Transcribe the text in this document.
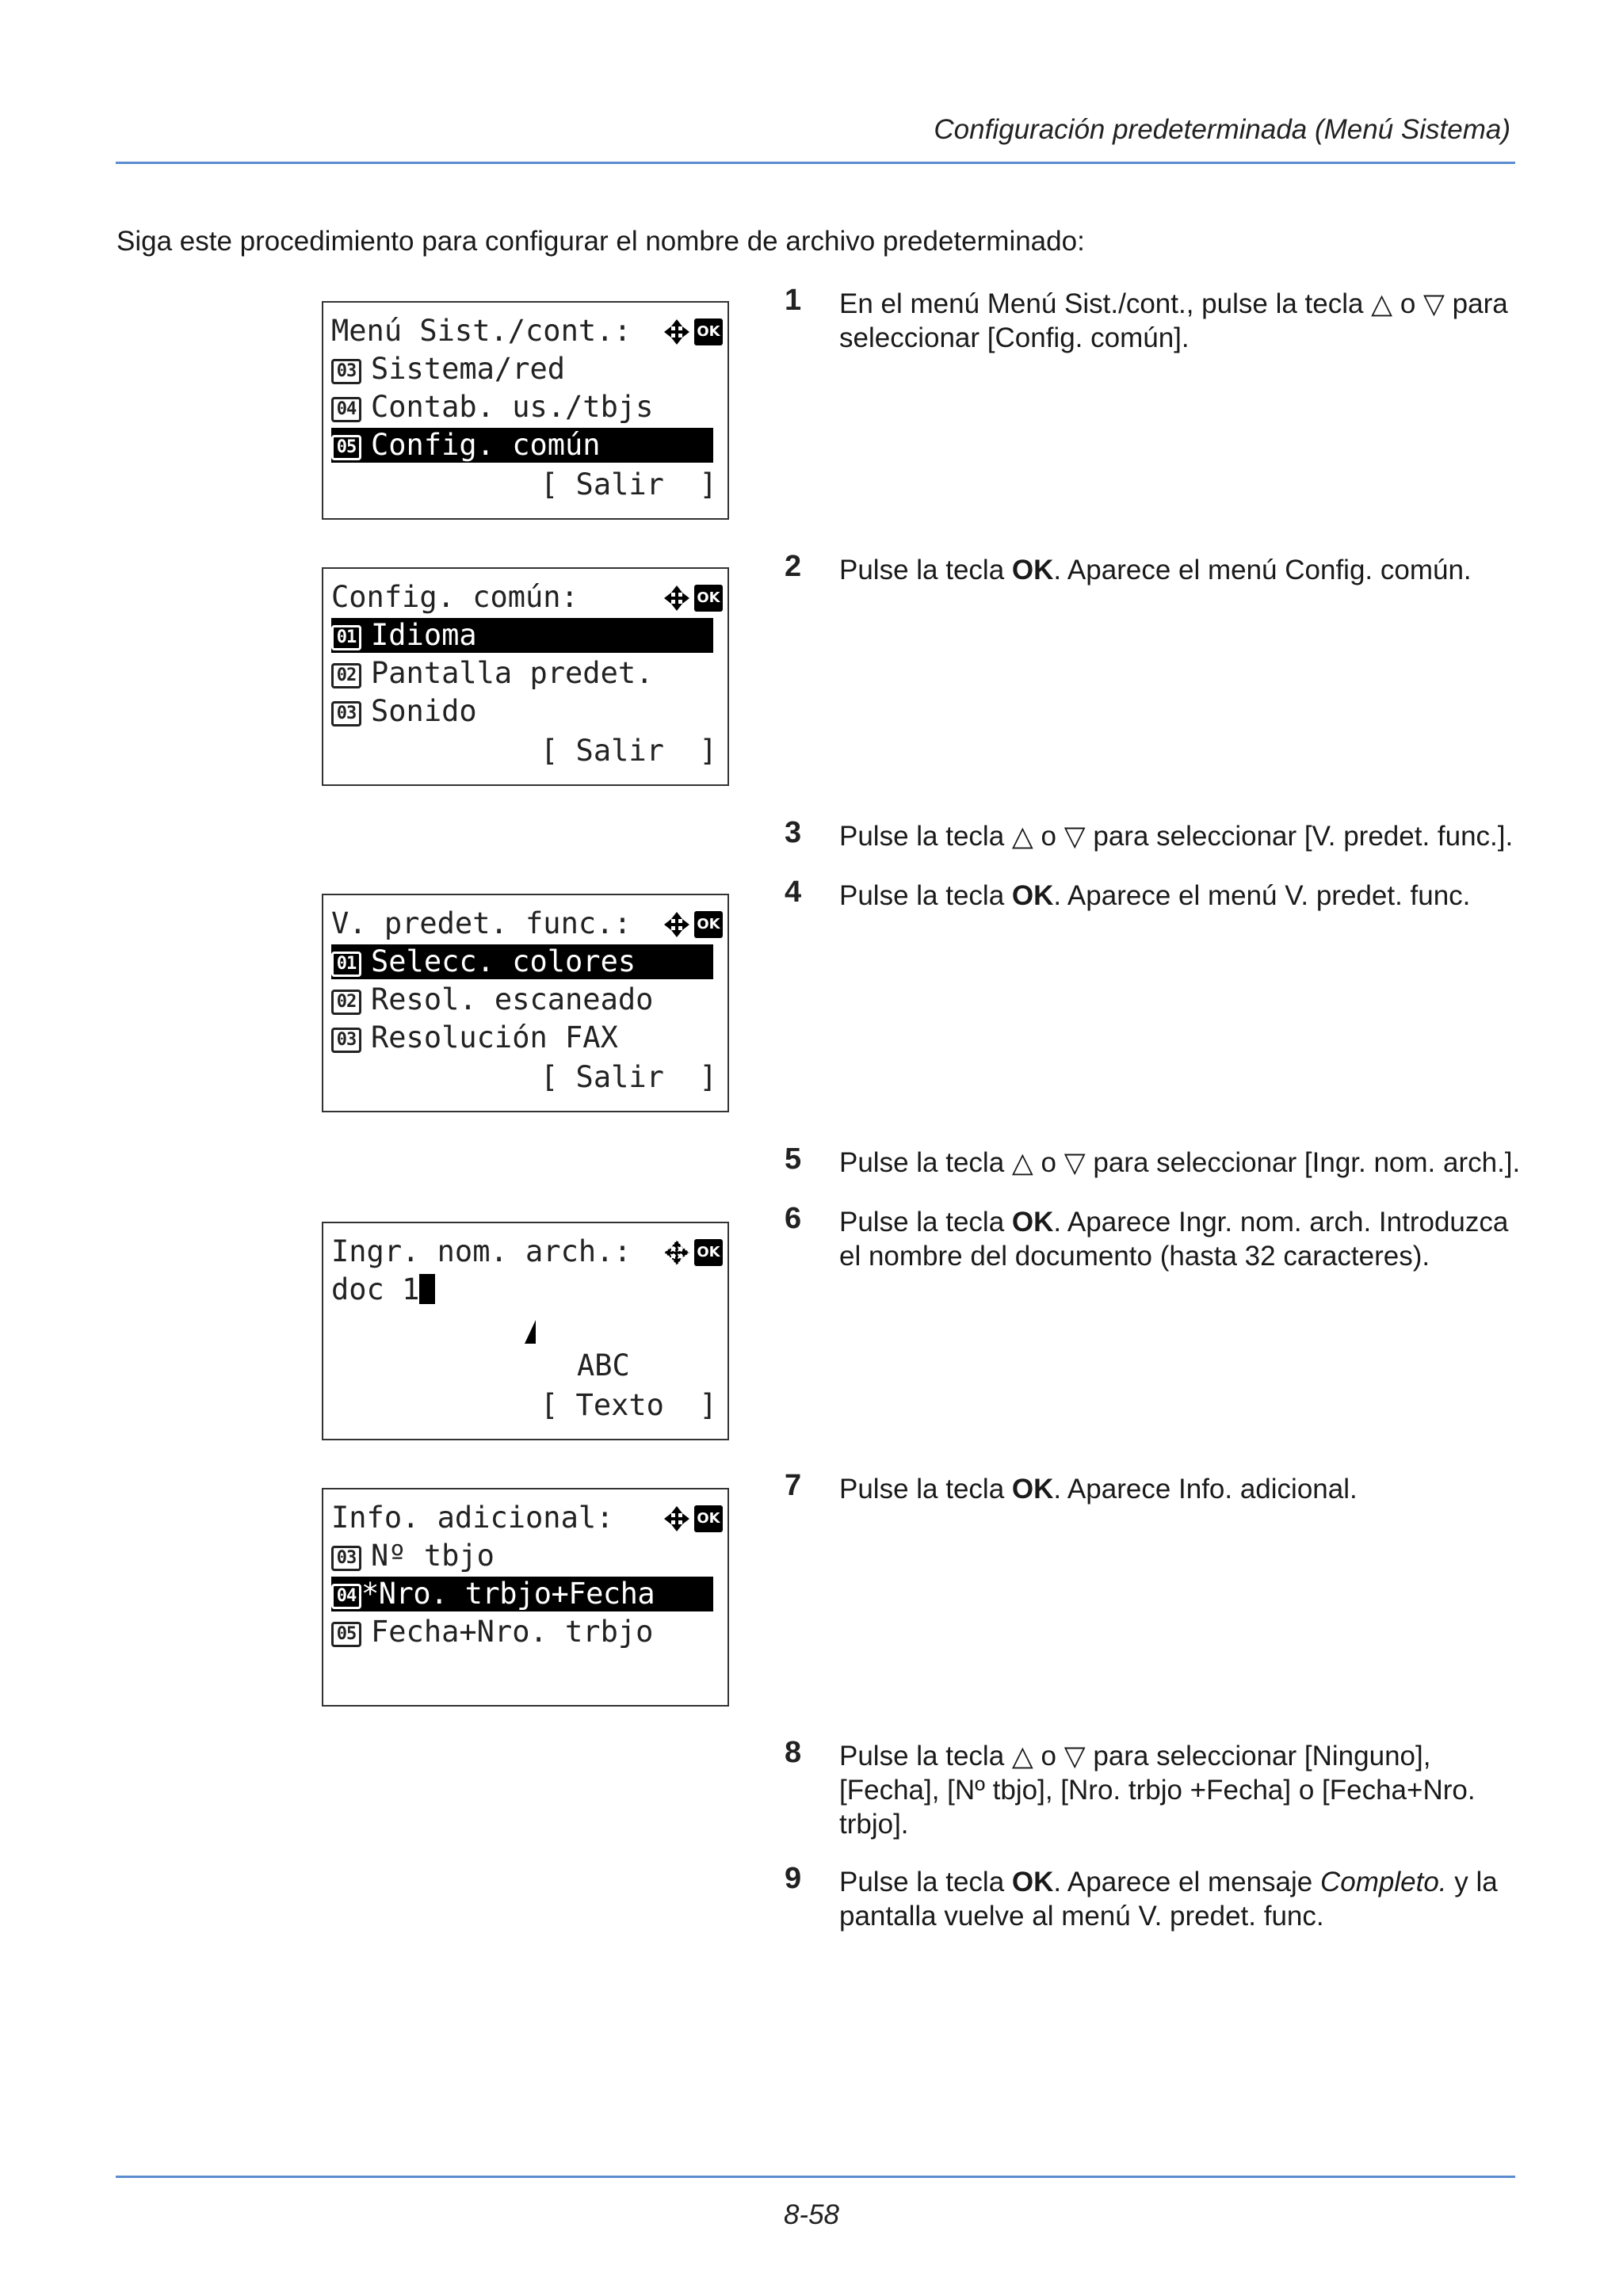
Configuración predeterminada (Menú Sistema)
Siga este procedimiento para configurar el nombre de archivo predeterminado:
Menú Sist./cont.:	OK
03 Sistema/red
04 Contab. us./tbjs
05 Config. común
[ Salir  ]
Config. común:	OK
01 Idioma
02 Pantalla predet.
03 Sonido
[ Salir  ]
V. predet. func.:	OK
01 Selecc. colores
02 Resol. escaneado
03 Resolución FAX
[ Salir  ]
Ingr. nom. arch.:	OK
doc 1
ABC
[ Texto  ]
Info. adicional:	OK
03 Nº tbjo
04 *Nro. trbjo+Fecha
05 Fecha+Nro. trbjo
1 En el menú Menú Sist./cont., pulse la tecla △ o ▽ para seleccionar [Config. común].
2 Pulse la tecla OK. Aparece el menú Config. común.
3 Pulse la tecla △ o ▽ para seleccionar [V. predet. func.].
4 Pulse la tecla OK. Aparece el menú V. predet. func.
5 Pulse la tecla △ o ▽ para seleccionar [Ingr. nom. arch.].
6 Pulse la tecla OK. Aparece Ingr. nom. arch. Introduzca el nombre del documento (hasta 32 caracteres).
7 Pulse la tecla OK. Aparece Info. adicional.
8 Pulse la tecla △ o ▽ para seleccionar [Ninguno], [Fecha], [Nº tbjo], [Nro. trbjo +Fecha] o [Fecha+Nro. trbjo].
9 Pulse la tecla OK. Aparece el mensaje Completo. y la pantalla vuelve al menú V. predet. func.
8-58
